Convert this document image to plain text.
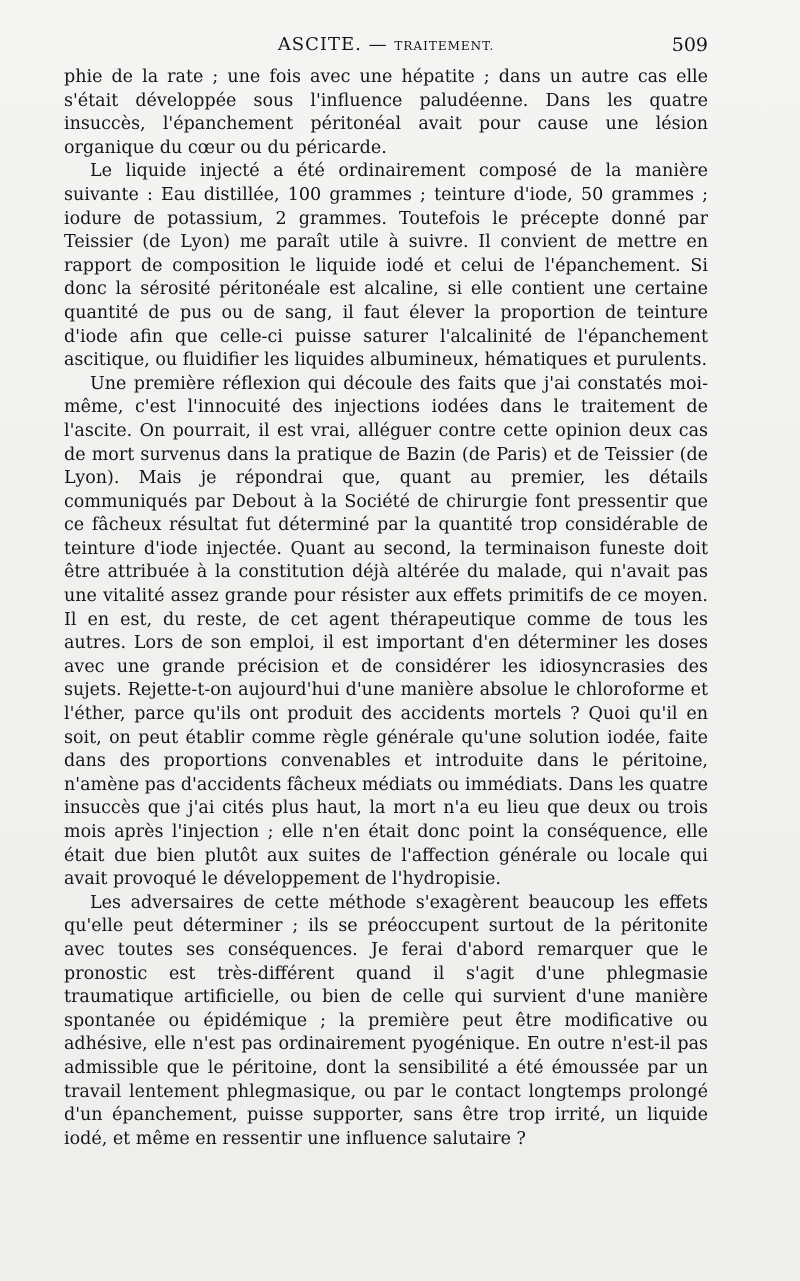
ASCITE. — TRAITEMENT.	509

phie de la rate ; une fois avec une hépatite ; dans un autre cas elle s'était développée sous l'influence paludéenne. Dans les quatre insuccès, l'épanchement péritonéal avait pour cause une lésion organique du cœur ou du péricarde.

Le liquide injecté a été ordinairement composé de la manière suivante : Eau distillée, 100 grammes ; teinture d'iode, 50 grammes ; iodure de potassium, 2 grammes. Toutefois le précepte donné par Teissier (de Lyon) me paraît utile à suivre. Il convient de mettre en rapport de composition le liquide iodé et celui de l'épanchement. Si donc la sérosité péritonéale est alcaline, si elle contient une certaine quantité de pus ou de sang, il faut élever la proportion de teinture d'iode afin que celle-ci puisse saturer l'alcalinité de l'épanchement ascitique, ou fluidifier les liquides albumineux, hématiques et purulents.

Une première réflexion qui découle des faits que j'ai constatés moi-même, c'est l'innocuité des injections iodées dans le traitement de l'ascite. On pourrait, il est vrai, alléguer contre cette opinion deux cas de mort survenus dans la pratique de Bazin (de Paris) et de Teissier (de Lyon). Mais je répondrai que, quant au premier, les détails communiqués par Debout à la Société de chirurgie font pressentir que ce fâcheux résultat fut déterminé par la quantité trop considérable de teinture d'iode injectée. Quant au second, la terminaison funeste doit être attribuée à la constitution déjà altérée du malade, qui n'avait pas une vitalité assez grande pour résister aux effets primitifs de ce moyen. Il en est, du reste, de cet agent thérapeutique comme de tous les autres. Lors de son emploi, il est important d'en déterminer les doses avec une grande précision et de considérer les idiosyncrasies des sujets. Rejette-t-on aujourd'hui d'une manière absolue le chloroforme et l'éther, parce qu'ils ont produit des accidents mortels ? Quoi qu'il en soit, on peut établir comme règle générale qu'une solution iodée, faite dans des proportions convenables et introduite dans le péritoine, n'amène pas d'accidents fâcheux médiats ou immédiats. Dans les quatre insuccès que j'ai cités plus haut, la mort n'a eu lieu que deux ou trois mois après l'injection ; elle n'en était donc point la conséquence, elle était due bien plutôt aux suites de l'affection générale ou locale qui avait provoqué le développement de l'hydropisie.

Les adversaires de cette méthode s'exagèrent beaucoup les effets qu'elle peut déterminer ; ils se préoccupent surtout de la péritonite avec toutes ses conséquences. Je ferai d'abord remarquer que le pronostic est très-différent quand il s'agit d'une phlegmasie traumatique artificielle, ou bien de celle qui survient d'une manière spontanée ou épidémique ; la première peut être modificative ou adhésive, elle n'est pas ordinairement pyogénique. En outre n'est-il pas admissible que le péritoine, dont la sensibilité a été émoussée par un travail lentement phlegmasique, ou par le contact longtemps prolongé d'un épanchement, puisse supporter, sans être trop irrité, un liquide iodé, et même en ressentir une influence salutaire ?
